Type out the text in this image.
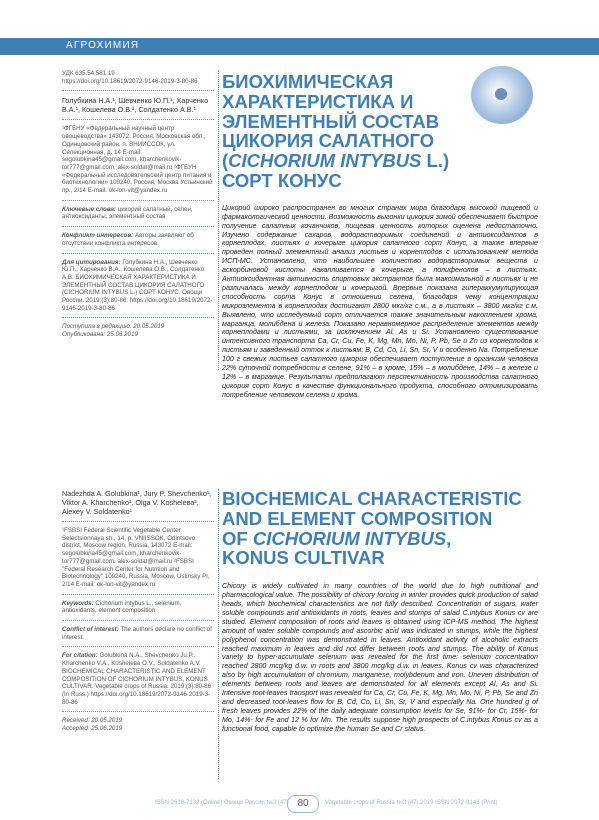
АГРОХИМИЯ

УДК 635.54:581.19

https://doi.org/10.18619/2072-9146-2019-3-80-86

Голубкина Н.А.¹, Шевченко Ю.П.¹, Харченко В.А.¹, Кошелева О.В.², Солдатенко А.В.¹

¹ФГБНУ «Федеральный научный центр овощеводства» 143072, Россия, Московская обл., Одинцовский район, п. ВНИИССОК, ул. Селекционная, д. 14 E-mail: segolubkina45@gmail.com, kharchenkovik-tor777@gmail.com, alex-soldat@mail.ru ²ФГБУН «Федеральный исследовательский центр питания и биотехнологии» 109240, Россия, Москва Устьинский пр., 2/14 E-mail: ok-lon-vit@yandex.ru

Ключевые слова: цикорий салатный, селен, антиоксиданты, элементный состав

Конфликт интересов: Авторы заявляют об отсутствии конфликта интересов.

Для цитирования: Голубкина Н.А., Шевченко Ю.П., Харченко В.А., Кошелева О.В., Солдатенко А.В. БИОХИМИЧЕСКАЯ ХАРАКТЕРИСТИКА И ЭЛЕМЕНТНЫЙ СОСТАВ ЦИКОРИЯ САЛАТНОГО (CICHORIUM INTYBUS L.) СОРТ КОНУС. Овощи России. 2019;(3):80-86. https://doi.org/10.18619/2072-9146-2019-3-80-86

Поступила в редакцию: 20.05.2019

Опубликована: 25.06.2019

БИОХИМИЧЕСКАЯ ХАРАКТЕРИСТИКА И ЭЛЕМЕНТНЫЙ СОСТАВ ЦИКОРИЯ САЛАТНОГО (CICHORIUM INTYBUS L.) СОРТ КОНУС

Цикорий широко распространен во многих странах мира благодаря высокой пищевой и фармакологической ценности. Возможность выгонки цикория зимой обеспечивает быстрое получение салатных кочанчиков, пищевая ценность которых оценена недостаточно. Изучено содержание сахаров, водорастворимых соединений и антиоксидантов в корнеплодах, листьях и кочерыге цикория салатного сорт Конус, а также впервые проведен полный элементный анализ листьев и корнеплодов с использованием метода ИСП-МС. Установлено, что наибольшее количество водорастворимых веществ и аскорбиновой кислоты накапливается в кочерыге, а полифенолов – в листьях. Антиоксидантная активность спиртовых экстрактов была максимальной в листьях и не различалась между корнеплодом и кочерыгой. Впервые показана гипераккумулирующая способность сорта Конус в отношении селена, благодаря чему концентрации микроэлемента в корнеплодах достигают 2800 мкг/кг с.м., а в листьях – 3800 мкг/кг с.м. Выявлено, что исследуемый сорт отличается также значительным накоплением хрома, марганца, молибдена и железа. Показано неравномерное распределение элементов между корнеплодами и листьями, за исключением Al, As и Si. Установлено существование интенсивного транспорта Ca, Cr, Cu, Fe, K, Mg, Mn, Mo, Ni, P, Pb, Se и Zn из корнеплодов к листьям и заведенный отток к листьям: B, Cd, Co, Li, Sn, Sr, V и особенно Na. Потребление 100 г свежих листьев салатного цикория обеспечивает поступление в организм человека 22% суточной потребности в селене, 91% – в хроме, 15% – в молибдене, 14% – в железе и 12% – в марганце. Результаты предполагают перспективность производства салатного цикория сорт Конус в качестве функционального продукта, способного оптимизировать потребление человеком селена и хрома.

Nadezhda A. Golubkina¹, Jury P. Shevchenko¹, Viktor A. Kharchenko¹, Olga V. Koshelева², Alexey V. Soldatenko¹

¹FSBSI Federal Scientific Vegetable Center Selectsionnaya str., 14, p. VNIISSOK, Odintsovo district, Moscow region, Russia, 143072 E-mail: segolubkina45@gmail.com, kharchenkovik-tor777@gmail.com, alex-soldat@mail.ru ²FSBSI "Federal Research Center for Nutrition and Biotechnology" 109240, Russia, Moscow, Ustinsky Pr, 2/14 E-mail: ok-lon-vit@yandex.ru

Keywords: Cichorium intybus L., selenium, antioxidants, element composition

Conflict of interest: The authors declare no conflict of interest.

For citation: Golubkina N.A., Shevchenko Ju.P., Kharchenko V.A., Koshelева O.V., Soldatenko A.V. BIOCHEMICAL CHARACTERISTIC AND ELEMENT COMPOSITION OF CICHORIUM INTYBUS, KONUS CULTIVAR. Vegetable crops of Russia. 2019;(3):80-86 (In Russ.) https://doi.org/10.18619/2072-9146-2019-3-80-86

Received: 20.05.2019

Accepted: 25.06.2019

BIOCHEMICAL CHARACTERISTIC AND ELEMENT COMPOSITION OF CICHORIUM INTYBUS, KONUS CULTIVAR

Chicory is widely cultivated in many countries of the world due to high nutritional and pharmacological value. The possibility of chicory forcing in winter provides quick production of salad heads, which biochemical characteristics are not fully described. Concentration of sugars, water soluble compounds and antioxidants in roots, leaves and stumps of salad C.intybus Konus cv are studied. Element composition of roots and leaves is obtained using ICP-MS method. The highest amount of water soluble compounds and ascorbic acid was indicated in stumps, while the highest polyphenol concentration was demonstrated in leaves. Antioxidant activity of alcoholic extracts reached maximum in leaves and did not differ between roots and stumps. The ability of Konus variety to hyper-accumulate selenium was revealed for the first time: selenium concentration reached 2800 mcg/kg d.w. in roots and 3800 mcg/kg d.w. in leaves. Konus cv was characterized also by high accumulation of chromium, manganese, molybdenum and iron. Uneven distribution of elements between roots and leaves are demonstrated for all elements except Al, As and Si. Intensive root-leaves transport was revealed for Ca, Cr, Cu, Fe, K, Mg, Mn, Mo, Ni, P, Pb, Se and Zn and decreased root-leaves flow for B, Cd, Co, Li, Sn, Sr, V and especially Na. One hundred g of fresh leaves provides 22% of the daily adequate consumption levels for Se, 91%- for Cr, 15%- for Mo, 14%- for Fe and 12 % for Mn. The results suppose high prospects of C.intybus Konus cv as a functional food, capable to optimize the human Se and Cr status.

ISSN 2618-7132 (Online) Овощи России №3 (47) 80	Vegetable crops of Russia №3 (47) 2019 ISSN 2072-9146 (Print)
